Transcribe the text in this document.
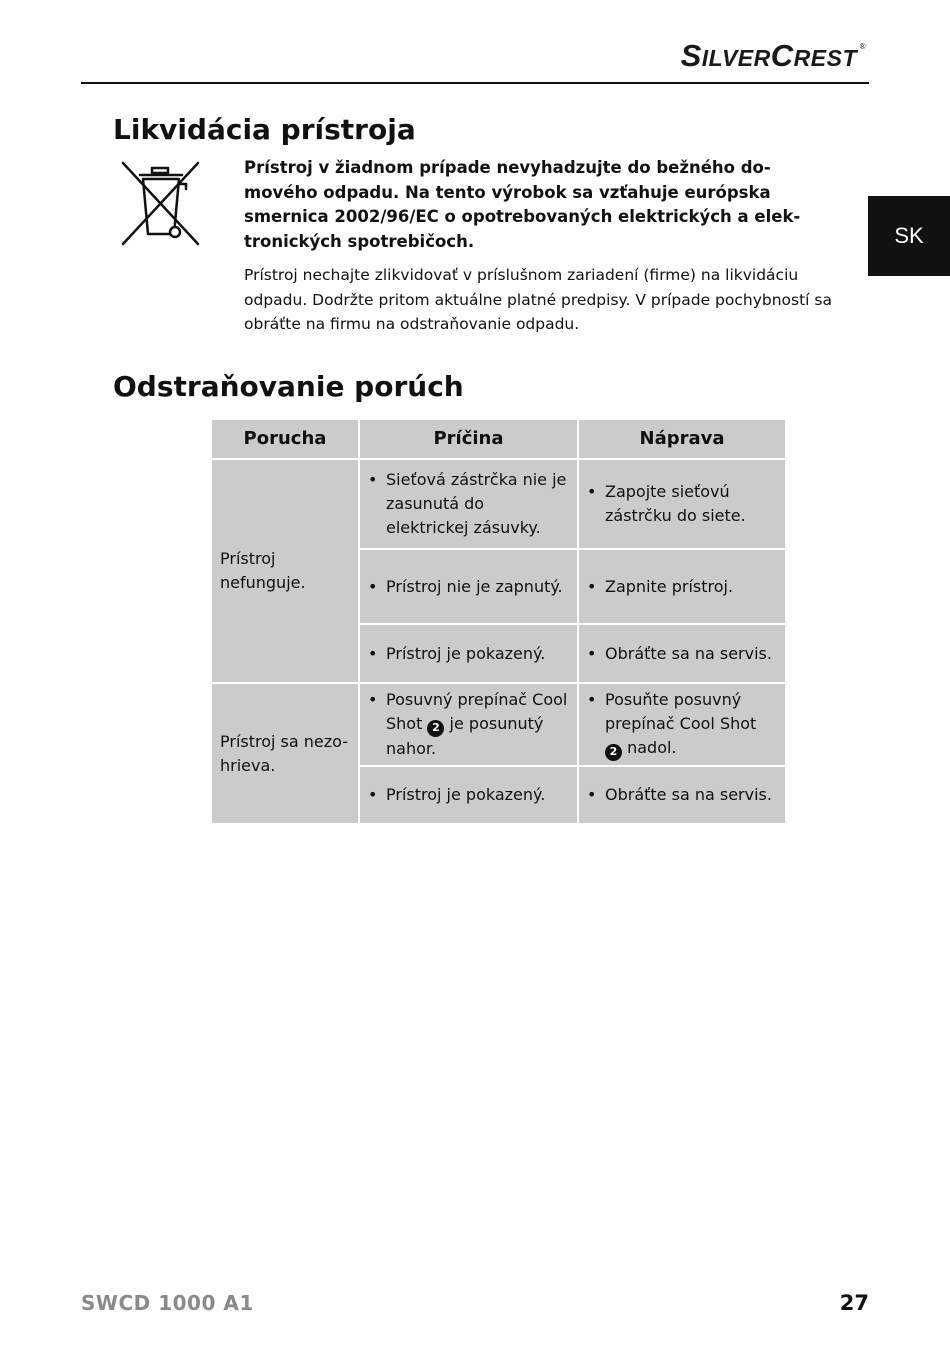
SILVERCREST ®
SK
Likvidácia prístroja
Prístroj v žiadnom prípade nevyhadzujte do bežného do-
mového odpadu. Na tento výrobok sa vzťahuje európska
smernica 2002/96/EC o opotrebovaných elektrických a elek-
tronických spotrebičoch.
Prístroj nechajte zlikvidovať v príslušnom zariadení (firme) na likvidáciu
odpadu. Dodržte pritom aktuálne platné predpisy. V prípade pochybností sa
obráťte na firmu na odstraňovanie odpadu.
Odstraňovanie porúch
Porucha	Príčina	Náprava
Prístroj nefunguje.	• Sieťová zástrčka nie je zasunutá do elektrickej zásuvky.	• Zapojte sieťovú zástrčku do siete.

	• Prístroj nie je zapnutý.	• Zapnite prístroj.

	• Prístroj je pokazený.	• Obráťte sa na servis.

Prístroj sa nezo-
hrieva.	• Posuvný prepínač Cool Shot 2 je posunutý nahor.	• Posuňte posuvný prepínač Cool Shot 2 nadol.

	• Prístroj je pokazený.	• Obráťte sa na servis.
SWCD 1000 A1	27
